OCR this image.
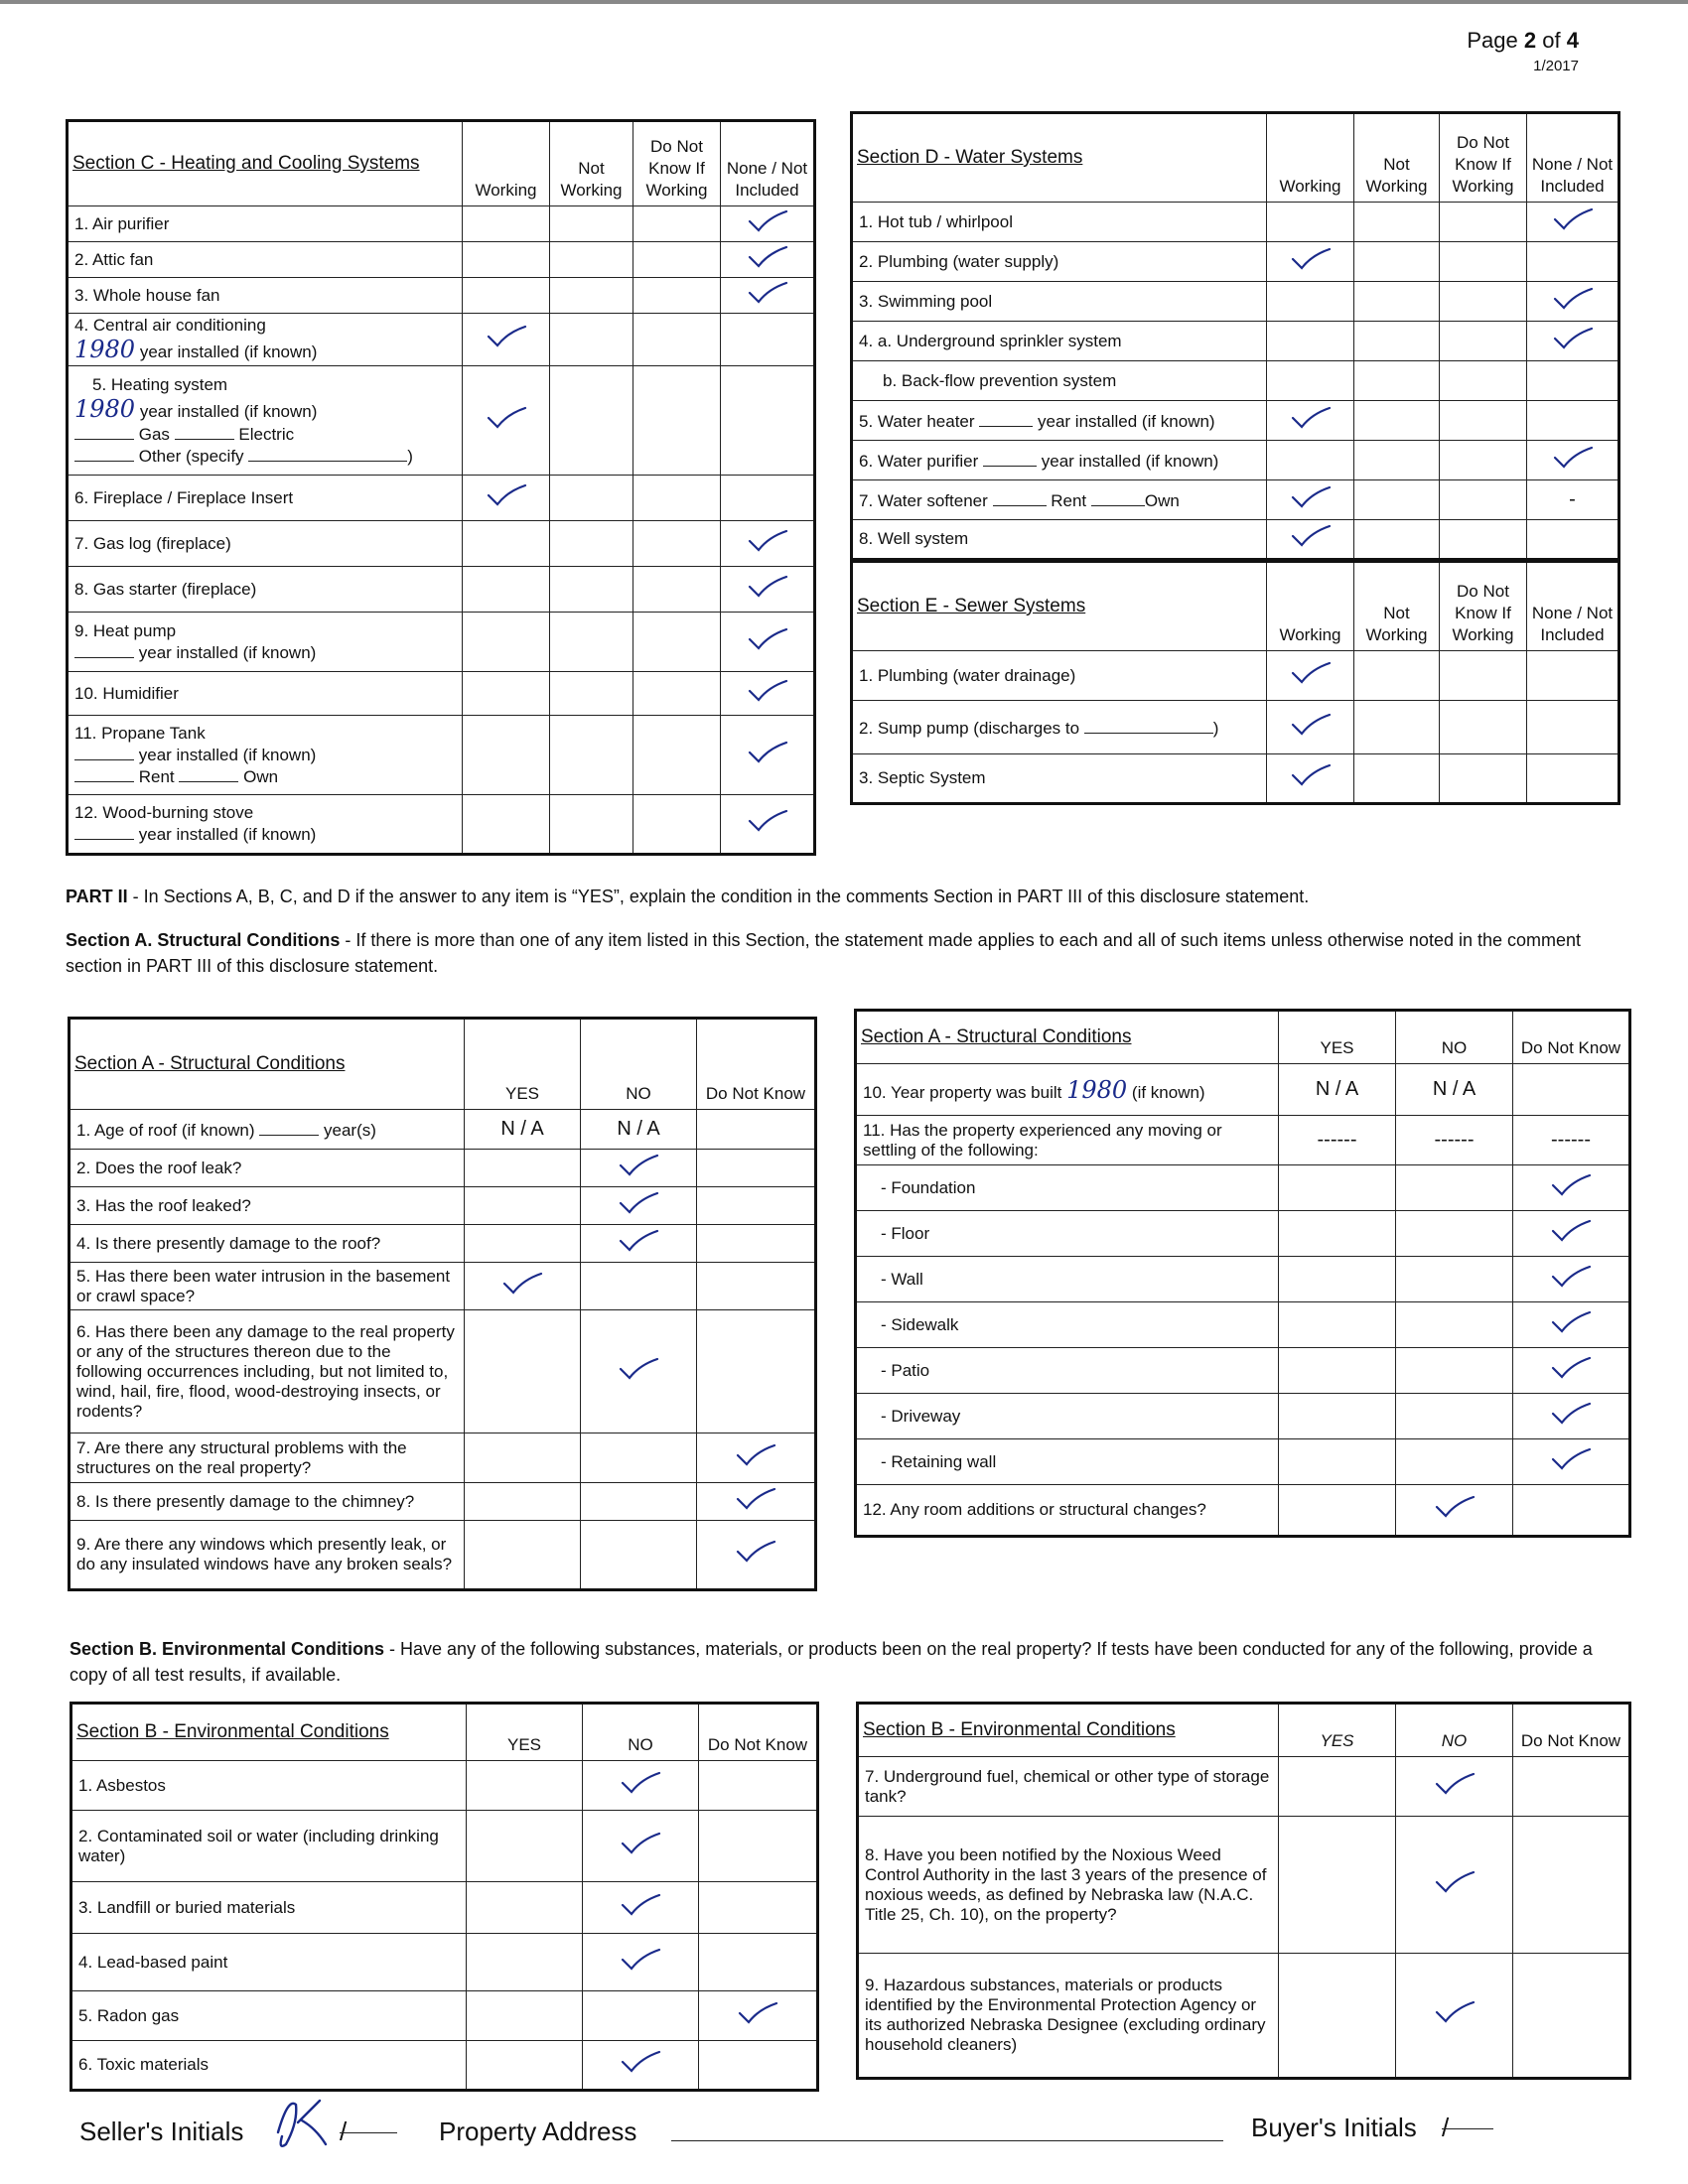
Page 2 of 4
1/2017
Section C - Heating and Cooling Systems	Working	Not Working	Do Not Know If Working	None / Not Included
1. Air purifier				
2. Attic fan				
3. Whole house fan				
4. Central air conditioning
1980 year installed (if known)				

5. Heating system
1980 year installed (if known)
Gas Electric
Other (specify )				
6. Fireplace / Fireplace Insert				
7. Gas log (fireplace)				
8. Gas starter (fireplace)				
9. Heat pump
year installed (if known)				
10. Humidifier				
11. Propane Tank
year installed (if known)
Rent Own				
12. Wood-burning stove
year installed (if known)				
Section D - Water Systems	Working	Not Working	Do Not Know If Working	None / Not Included
1. Hot tub / whirlpool				
2. Plumbing (water supply)				
3. Swimming pool				
4. a. Underground sprinkler system				

b. Back-flow prevention system				

5. Water heater year installed (if known)				
6. Water purifier year installed (if known)				
7. Water softener Rent Own				-
8. Well system				
Section E - Sewer Systems	Working	Not Working	Do Not Know If Working	None / Not Included
1. Plumbing (water drainage)				
2. Sump pump (discharges to )				
3. Septic System				
PART II - In Sections A, B, C, and D if the answer to any item is “YES”, explain the condition in the comments Section in PART III of this disclosure statement.
Section A. Structural Conditions - If there is more than one of any item listed in this Section, the statement made applies to each and all of such items unless otherwise noted in the comment section in PART III of this disclosure statement.
Section A - Structural Conditions	YES	NO	Do Not Know
1. Age of roof (if known) year(s)	N / A	N / A	
2. Does the roof leak?			
3. Has the roof leaked?			
4. Is there presently damage to the roof?			
5. Has there been water intrusion in the basement or crawl space?			
6. Has there been any damage to the real property or any of the structures thereon due to the following occurrences including, but not limited to, wind, hail, fire, flood, wood-destroying insects, or rodents?			
7. Are there any structural problems with the structures on the real property?			
8. Is there presently damage to the chimney?			
9. Are there any windows which presently leak, or do any insulated windows have any broken seals?			
Section A - Structural Conditions	YES	NO	Do Not Know
10. Year property was built 1980 (if known)	N / A	N / A	
11. Has the property experienced any moving or settling of the following:	------	------	------

- Foundation

- Floor

- Wall

- Sidewalk

- Patio

- Driveway

- Retaining wall

12. Any room additions or structural changes?			
Section B. Environmental Conditions - Have any of the following substances, materials, or products been on the real property? If tests have been conducted for any of the following, provide a copy of all test results, if available.
Section B - Environmental Conditions	YES	NO	Do Not Know
1. Asbestos			
2. Contaminated soil or water (including drinking water)			
3. Landfill or buried materials			
4. Lead-based paint			
5. Radon gas			
6. Toxic materials			
Section B - Environmental Conditions	YES	NO	Do Not Know
7. Underground fuel, chemical or other type of storage tank?			
8. Have you been notified by the Noxious Weed Control Authority in the last 3 years of the presence of noxious weeds, as defined by Nebraska law (N.A.C. Title 25, Ch. 10), on the property?			
9. Hazardous substances, materials or products identified by the Environmental Protection Agency or its authorized Nebraska Designee (excluding ordinary household cleaners)			
Seller's Initials	/	Property Address	Buyer's Initials /
